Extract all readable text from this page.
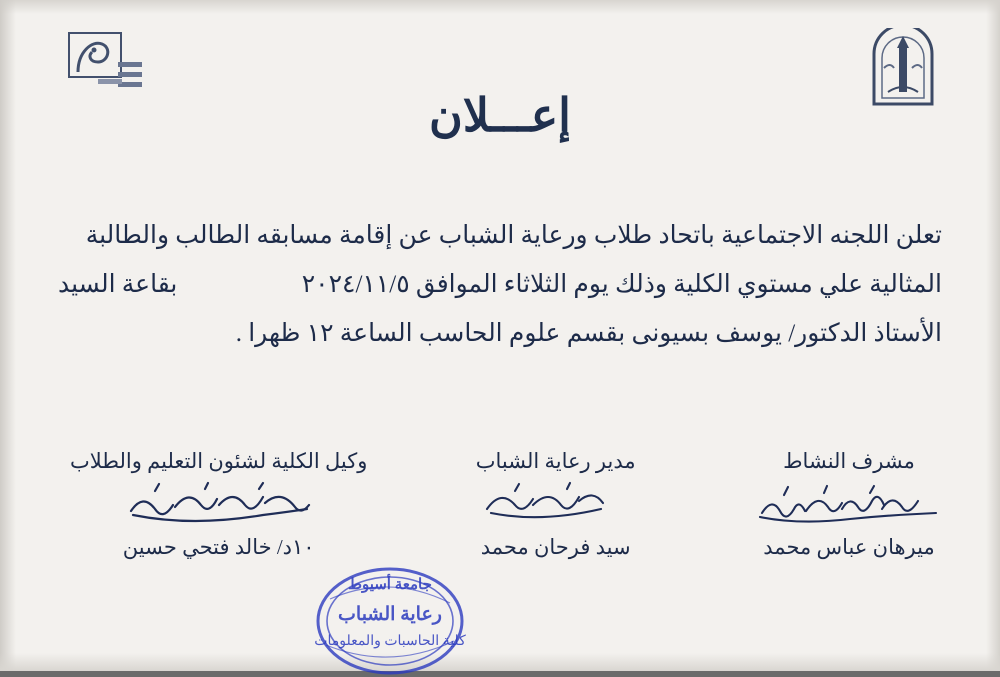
إعـــلان
تعلن اللجنه الاجتماعية باتحاد طلاب ورعاية الشباب عن إقامة مسابقه الطالب والطالبة
المثالية علي مستوي الكلية وذلك يوم الثلاثاء الموافق ٢٠٢٤/١١/٥
بقاعة السيد
الأستاذ الدكتور/ يوسف بسيونى بقسم علوم الحاسب الساعة ١٢ ظهرا .
مشرف النشاط
ميرهان عباس محمد
مدير رعاية الشباب
سيد فرحان محمد
وكيل الكلية لشئون التعليم والطلاب
١٠د/ خالد فتحي حسين
جامعة أسيوط
رعاية الشباب
كلية الحاسبات والمعلومات
